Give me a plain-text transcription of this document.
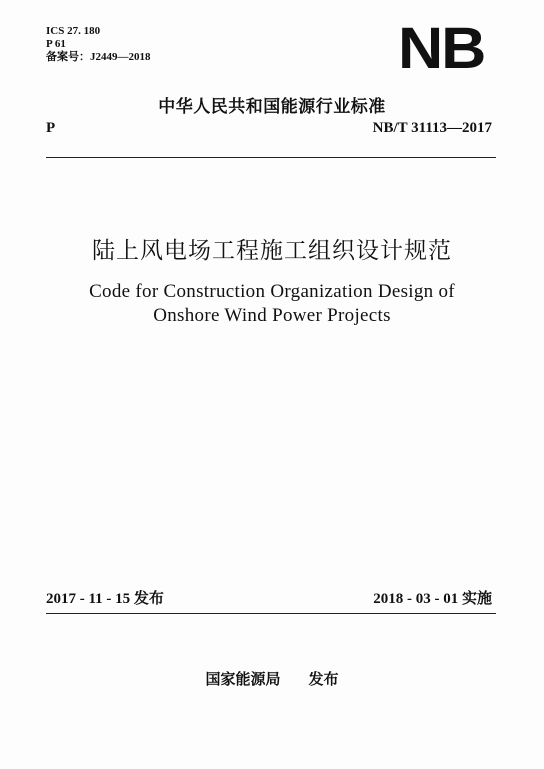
ICS 27. 180
P 61
备案号：J2449—2018	NB
中华人民共和国能源行业标准
P	NB/T 31113—2017
陆上风电场工程施工组织设计规范
Code for Construction Organization Design of
Onshore Wind Power Projects
2017 - 11 - 15 发布	2018 - 03 - 01 实施
国家能源局 发布
